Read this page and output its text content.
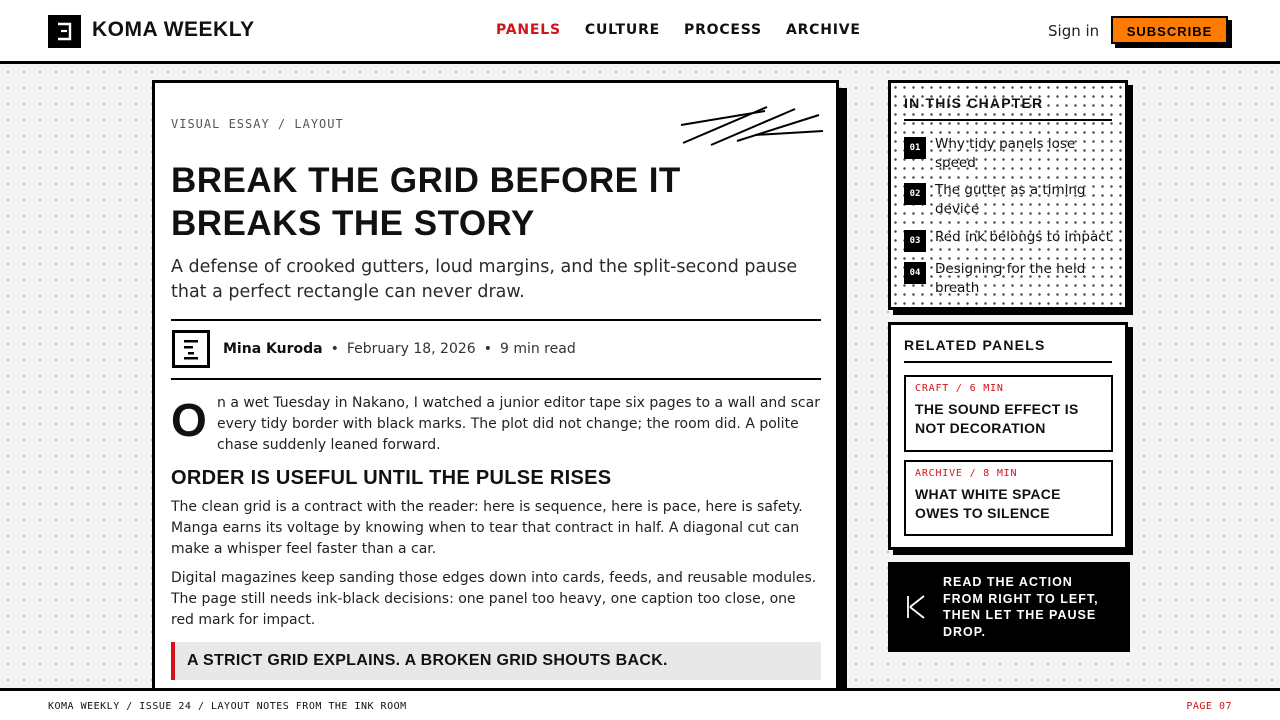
KOMA WEEKLY	PANELS CULTURE PROCESS ARCHIVE	Sign in	SUBSCRIBE
VISUAL ESSAY / LAYOUT
BREAK THE GRID BEFORE IT BREAKS THE STORY

A defense of crooked gutters, loud margins, and the split-second pause that a perfect rectangle can never draw.

Mina Kuroda • February 18, 2026 • 9 min read
O n a wet Tuesday in Nakano, I watched a junior editor tape six pages to a wall and scar every tidy border with black marks. The plot did not change; the room did. A polite chase suddenly leaned forward.

ORDER IS USEFUL UNTIL THE PULSE RISES

The clean grid is a contract with the reader: here is sequence, here is pace, here is safety. Manga earns its voltage by knowing when to tear that contract in half. A diagonal cut can make a whisper feel faster than a car.

Digital magazines keep sanding those edges down into cards, feeds, and reusable modules. The page still needs ink-black decisions: one panel too heavy, one caption too close, one red mark for impact.

A STRICT GRID EXPLAINS. A BROKEN GRID SHOUTS BACK.
IN THIS CHAPTER
01	Why tidy panels lose speed
02	The gutter as a timing device
03	Red ink belongs to impact
04	Designing for the held breath
RELATED PANELS
CRAFT / 6 MIN
THE SOUND EFFECT IS NOT DECORATION
ARCHIVE / 8 MIN
WHAT WHITE SPACE OWES TO SILENCE
READ THE ACTION FROM RIGHT TO LEFT, THEN LET THE PAUSE DROP.
KOMA WEEKLY / ISSUE 24 / LAYOUT NOTES FROM THE INK ROOM	PAGE 07
